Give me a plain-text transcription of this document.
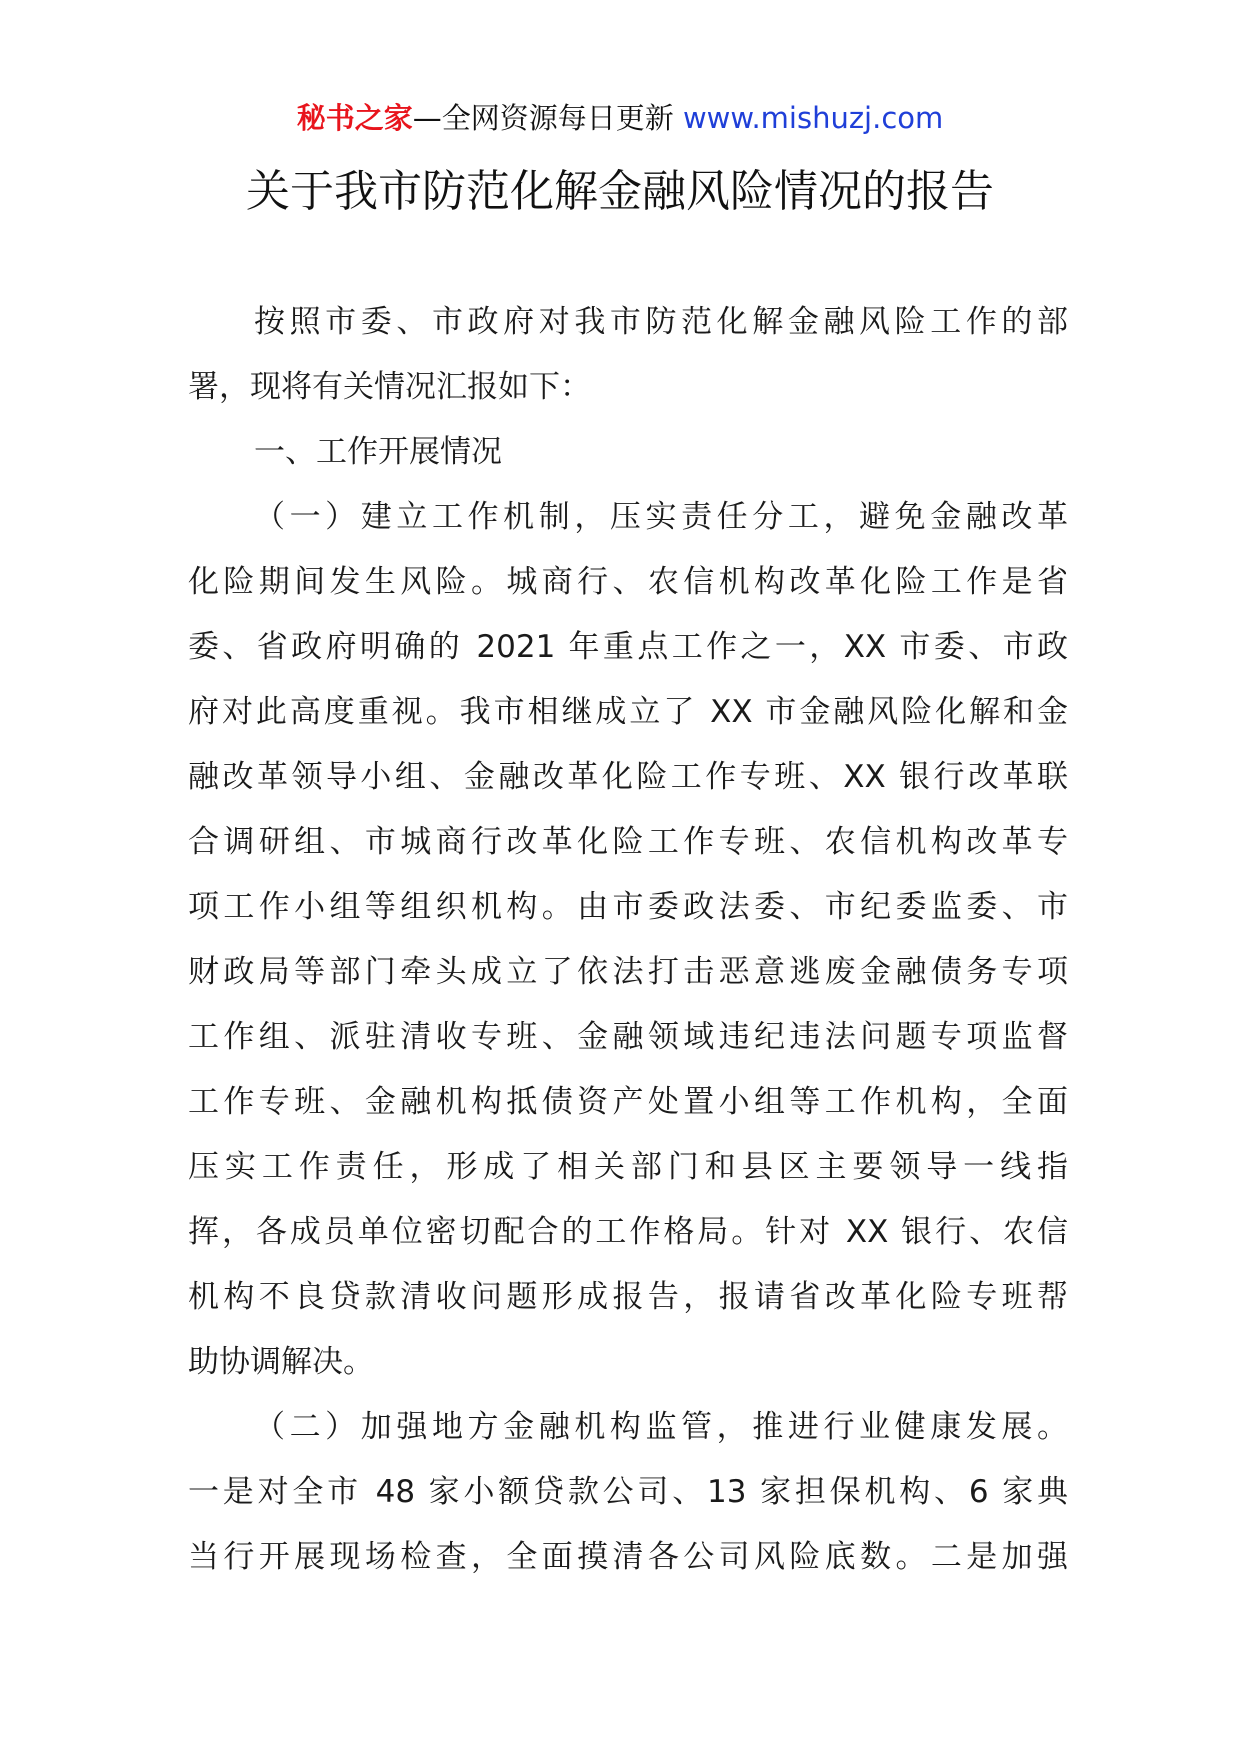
秘书之家—全网资源每日更新 www.mishuzj.com
关于我市防范化解金融风险情况的报告

按照市委、市政府对我市防范化解金融风险工作的部

署，现将有关情况汇报如下：

一、工作开展情况

（一）建立工作机制，压实责任分工，避免金融改革

化险期间发生风险。城商行、农信机构改革化险工作是省

委、省政府明确的 2021 年重点工作之一，XX 市委、市政

府对此高度重视。我市相继成立了 XX 市金融风险化解和金

融改革领导小组、金融改革化险工作专班、XX 银行改革联

合调研组、市城商行改革化险工作专班、农信机构改革专

项工作小组等组织机构。由市委政法委、市纪委监委、市

财政局等部门牵头成立了依法打击恶意逃废金融债务专项

工作组、派驻清收专班、金融领域违纪违法问题专项监督

工作专班、金融机构抵债资产处置小组等工作机构，全面

压实工作责任，形成了相关部门和县区主要领导一线指

挥，各成员单位密切配合的工作格局。针对 XX 银行、农信

机构不良贷款清收问题形成报告，报请省改革化险专班帮

助协调解决。

（二）加强地方金融机构监管，推进行业健康发展。

一是对全市 48 家小额贷款公司、13 家担保机构、6 家典

当行开展现场检查，全面摸清各公司风险底数。二是加强
